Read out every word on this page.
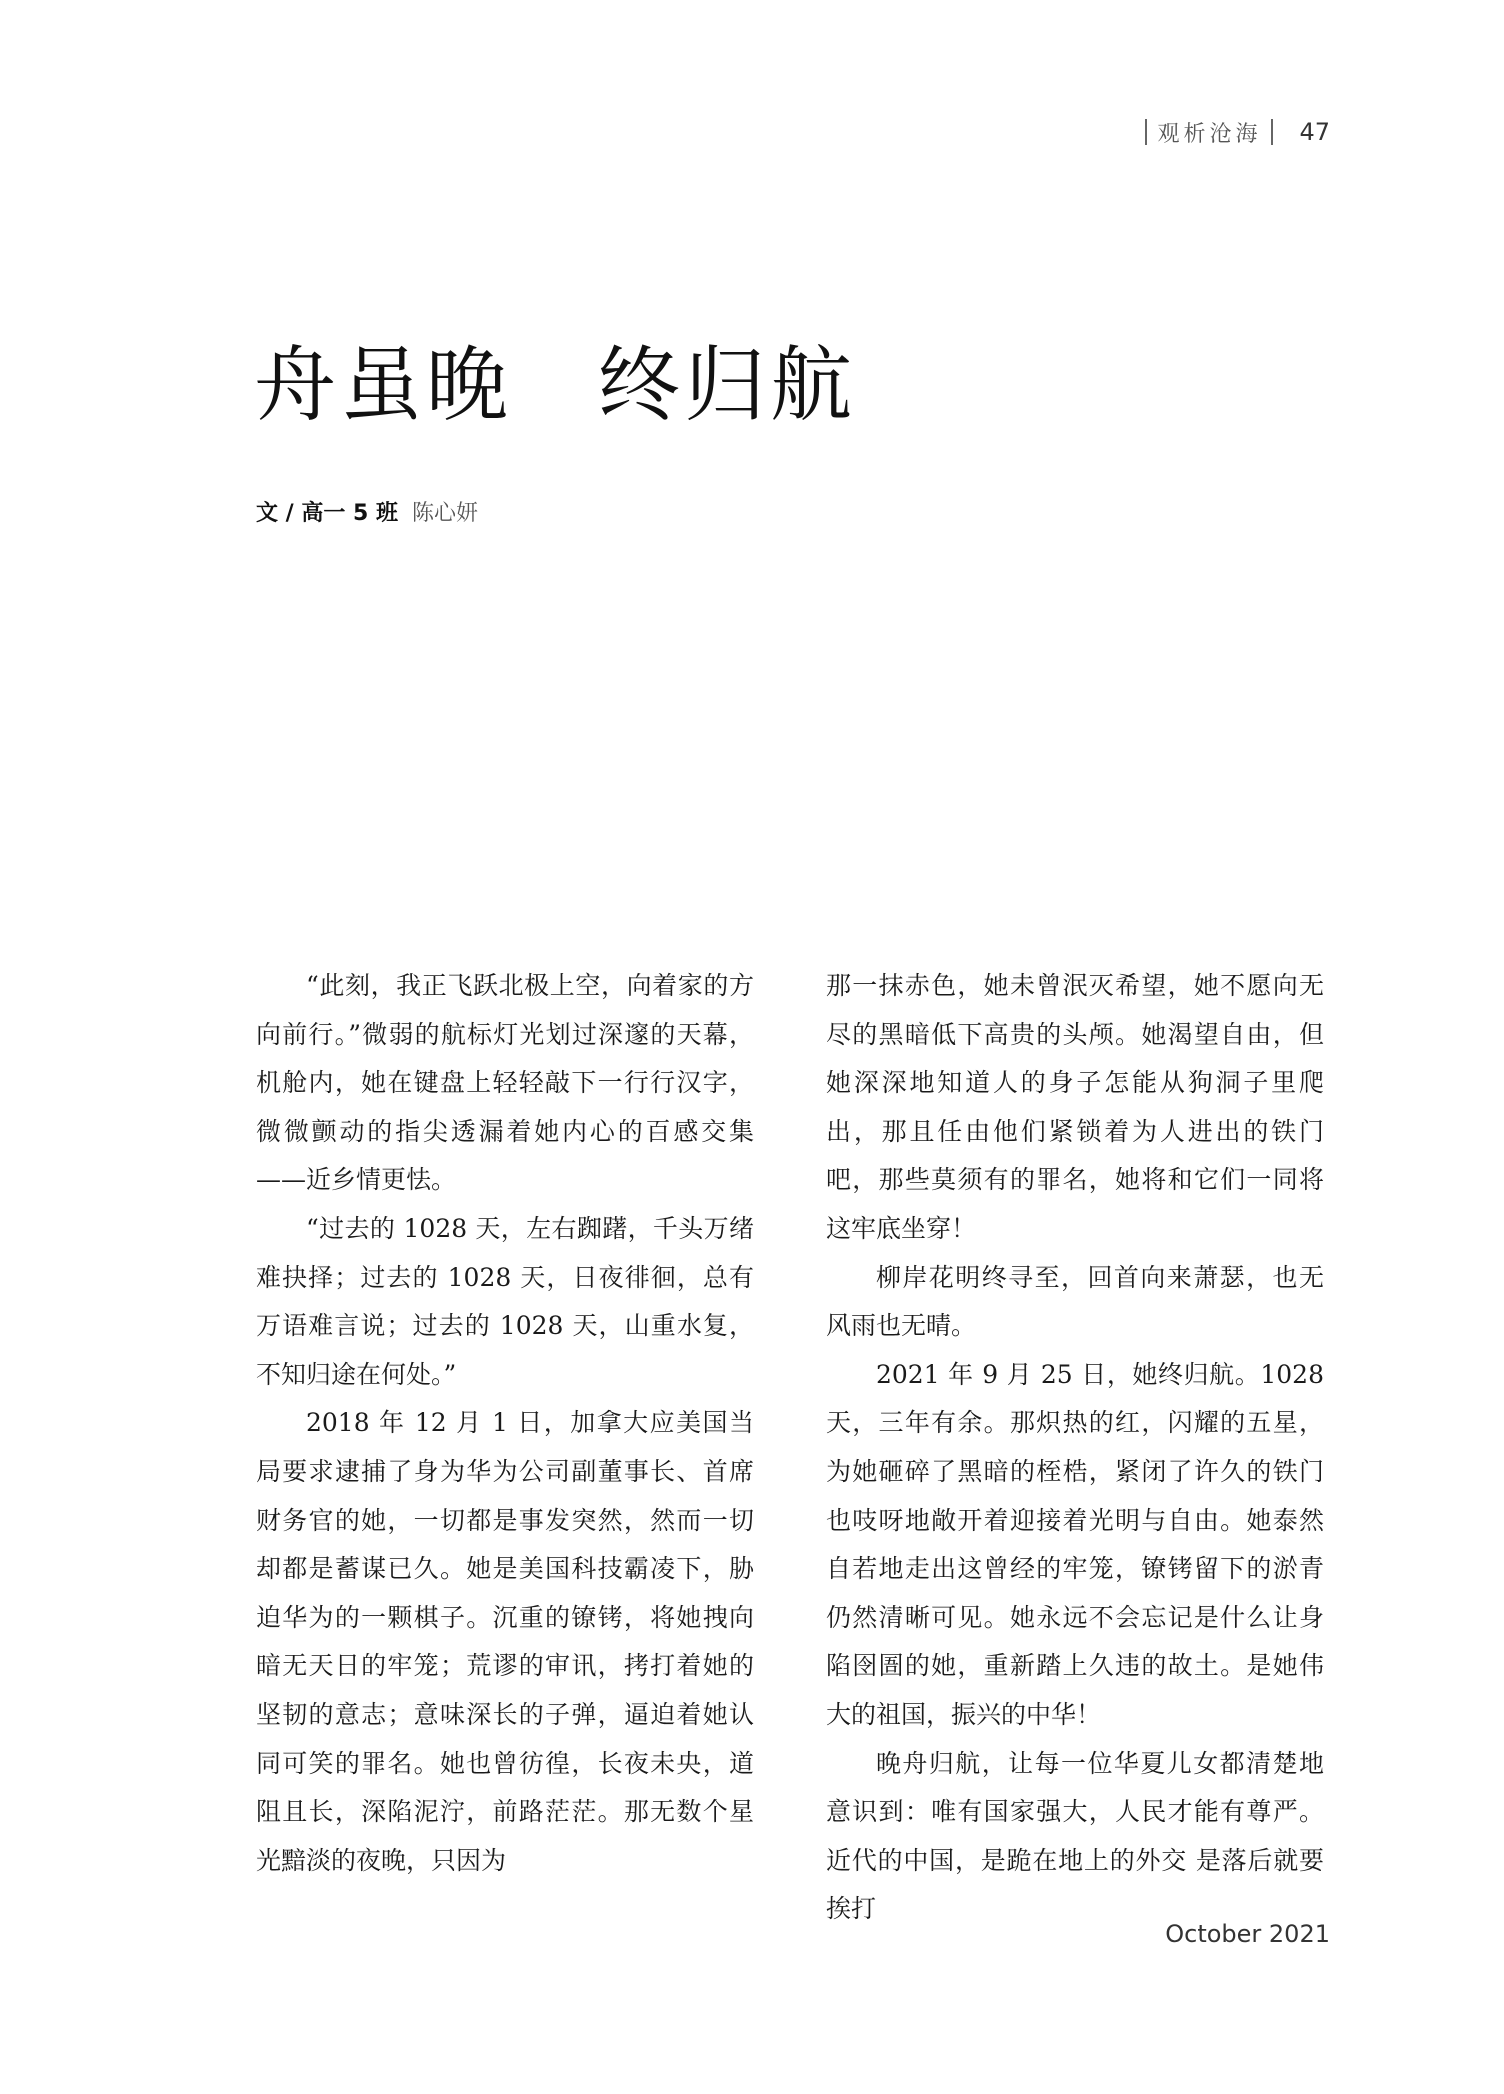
观析沧海 47
舟虽晚　终归航
文 / 高一 5 班 陈心妍

“此刻，我正飞跃北极上空，向着家的方向前行。”微弱的航标灯光划过深邃的天幕，机舱内，她在键盘上轻轻敲下一行行汉字，微微颤动的指尖透漏着她内心的百感交集——近乡情更怯。

“过去的 1028 天，左右踟躇，千头万绪难抉择；过去的 1028 天，日夜徘徊，总有万语难言说；过去的 1028 天，山重水复，不知归途在何处。”

2018 年 12 月 1 日，加拿大应美国当局要求逮捕了身为华为公司副董事长、首席财务官的她，一切都是事发突然，然而一切却都是蓄谋已久。她是美国科技霸凌下，胁迫华为的一颗棋子。沉重的镣铐，将她拽向暗无天日的牢笼；荒谬的审讯，拷打着她的坚韧的意志；意味深长的子弹，逼迫着她认同可笑的罪名。她也曾彷徨，长夜未央，道阻且长，深陷泥泞，前路茫茫。那无数个星光黯淡的夜晚，只因为

那一抹赤色，她未曾泯灭希望，她不愿向无尽的黑暗低下高贵的头颅。她渴望自由，但她深深地知道人的身子怎能从狗洞子里爬出，那且任由他们紧锁着为人进出的铁门吧，那些莫须有的罪名，她将和它们一同将这牢底坐穿！

柳岸花明终寻至，回首向来萧瑟，也无风雨也无晴。

2021 年 9 月 25 日，她终归航。1028 天，三年有余。那炽热的红，闪耀的五星，为她砸碎了黑暗的桎梏，紧闭了许久的铁门也吱呀地敞开着迎接着光明与自由。她泰然自若地走出这曾经的牢笼，镣铐留下的淤青仍然清晰可见。她永远不会忘记是什么让身陷囹圄的她，重新踏上久违的故土。是她伟大的祖国，振兴的中华！

晚舟归航，让每一位华夏儿女都清楚地意识到：唯有国家强大，人民才能有尊严。近代的中国，是跪在地上的外交 是落后就要挨打

October 2021
